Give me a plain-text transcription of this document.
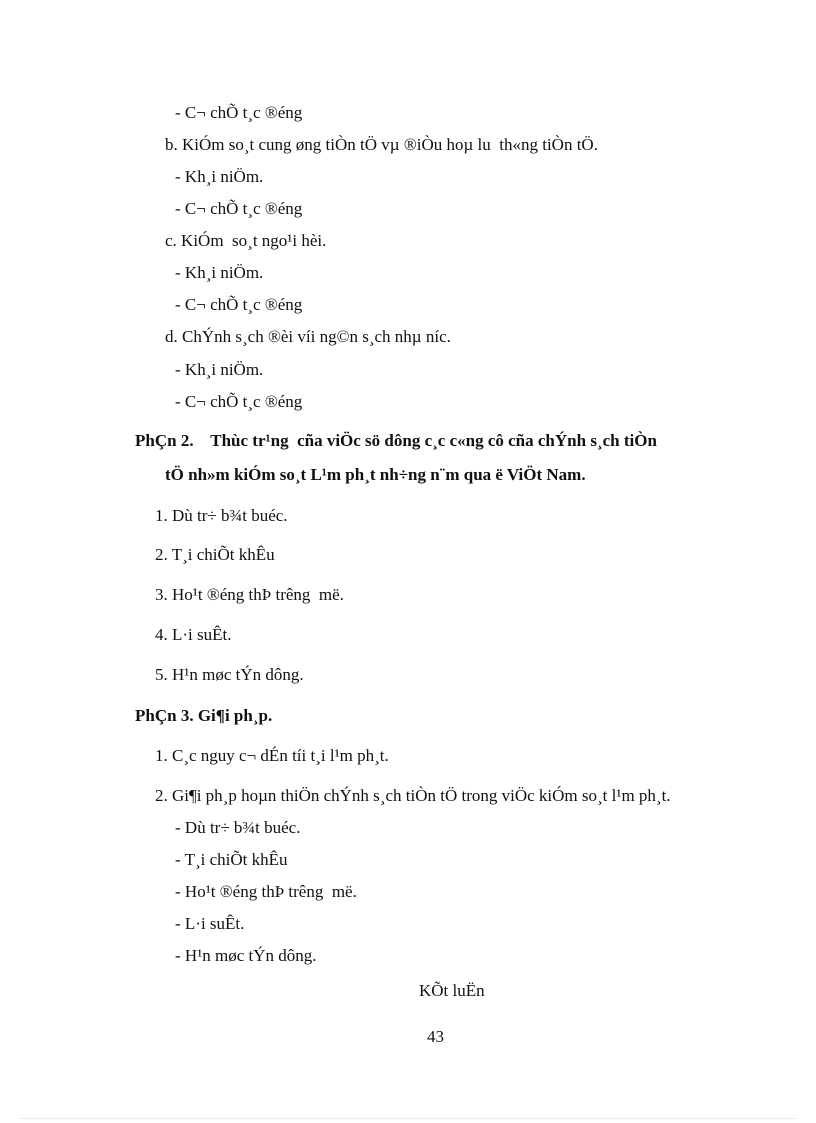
- C¬ chÕ t¸c ®éng
b. KiÓm so¸t cung øng tiÒn tÖ vµ ®iÒu hoµ lu  th«ng tiÒn tÖ.
- Kh¸i niÖm.
- C¬ chÕ t¸c ®éng
c. KiÓm  so¸t ngo¹i hèi.
- Kh¸i niÖm.
- C¬ chÕ t¸c ®éng
d. ChÝnh s¸ch ®èi víi ng©n s¸ch nhµ níc.
- Kh¸i niÖm.
- C¬ chÕ t¸c ®éng
PhÇn 2.    Thùc tr¹ng  cña viÖc sö dông c¸c c«ng cô cña chÝnh s¸ch tiÒn
tÖ nh»m kiÓm so¸t L¹m ph¸t nh÷ng n¨m qua ë ViÖt Nam.
1. Dù tr÷ b¾t buéc.
2. T¸i chiÕt khÊu
3. Ho¹t ®éng thÞ trêng  më.
4. L·i suÊt.
5. H¹n møc tÝn dông.
PhÇn 3. Gi¶i ph¸p.
1. C¸c nguy c¬ dÉn tíi t¸i l¹m ph¸t.
2. Gi¶i ph¸p hoµn thiÖn chÝnh s¸ch tiÒn tÖ trong viÖc kiÓm so¸t l¹m ph¸t.
- Dù tr÷ b¾t buéc.
- T¸i chiÕt khÊu
- Ho¹t ®éng thÞ trêng  më.
- L·i suÊt.
- H¹n møc tÝn dông.
KÕt luËn
43
